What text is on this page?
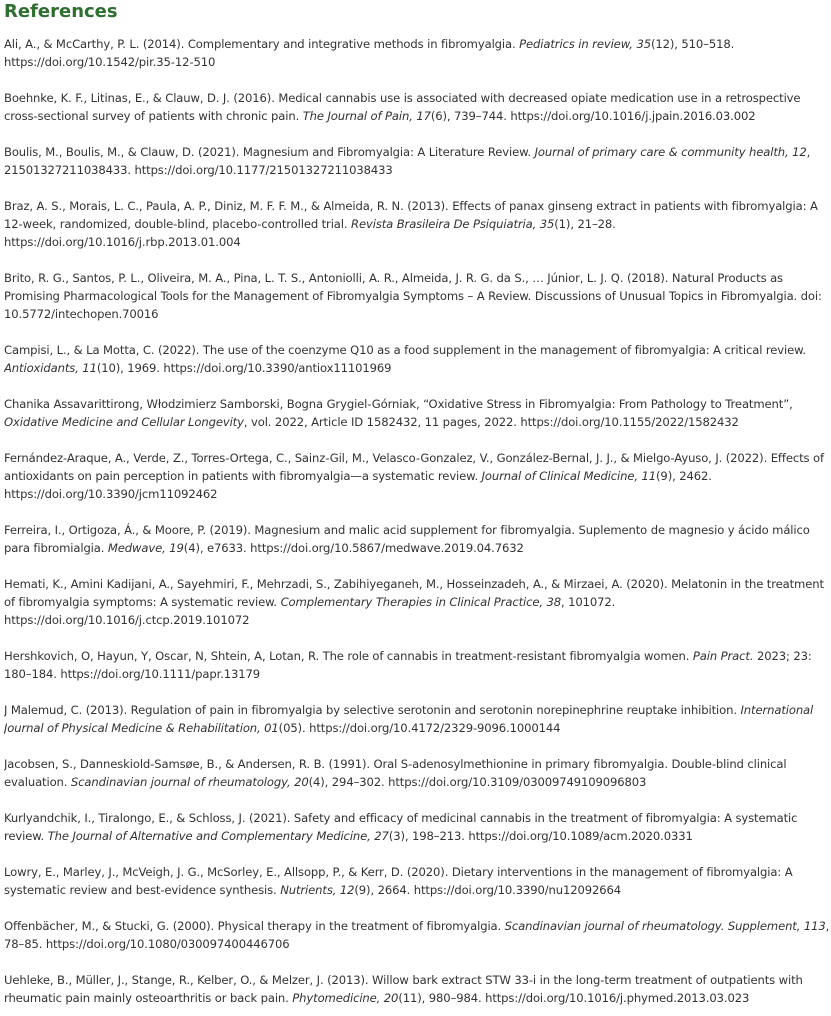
References
Ali, A., & McCarthy, P. L. (2014). Complementary and integrative methods in fibromyalgia. Pediatrics in review, 35(12), 510–518. https://doi.org/10.1542/pir.35-12-510
Boehnke, K. F., Litinas, E., & Clauw, D. J. (2016). Medical cannabis use is associated with decreased opiate medication use in a retrospective cross-sectional survey of patients with chronic pain. The Journal of Pain, 17(6), 739–744. https://doi.org/10.1016/j.jpain.2016.03.002
Boulis, M., Boulis, M., & Clauw, D. (2021). Magnesium and Fibromyalgia: A Literature Review. Journal of primary care & community health, 12, 21501327211038433. https://doi.org/10.1177/21501327211038433
Braz, A. S., Morais, L. C., Paula, A. P., Diniz, M. F. F. M., & Almeida, R. N. (2013). Effects of panax ginseng extract in patients with fibromyalgia: A 12-week, randomized, double-blind, placebo-controlled trial. Revista Brasileira De Psiquiatria, 35(1), 21–28. https://doi.org/10.1016/j.rbp.2013.01.004
Brito, R. G., Santos, P. L., Oliveira, M. A., Pina, L. T. S., Antoniolli, A. R., Almeida, J. R. G. da S., … Júnior, L. J. Q. (2018). Natural Products as Promising Pharmacological Tools for the Management of Fibromyalgia Symptoms – A Review. Discussions of Unusual Topics in Fibromyalgia. doi: 10.5772/intechopen.70016
Campisi, L., & La Motta, C. (2022). The use of the coenzyme Q10 as a food supplement in the management of fibromyalgia: A critical review. Antioxidants, 11(10), 1969. https://doi.org/10.3390/antiox11101969
Chanika Assavarittirong, Włodzimierz Samborski, Bogna Grygiel-Górniak, “Oxidative Stress in Fibromyalgia: From Pathology to Treatment”, Oxidative Medicine and Cellular Longevity, vol. 2022, Article ID 1582432, 11 pages, 2022. https://doi.org/10.1155/2022/1582432
Fernández-Araque, A., Verde, Z., Torres-Ortega, C., Sainz-Gil, M., Velasco-Gonzalez, V., González-Bernal, J. J., & Mielgo-Ayuso, J. (2022). Effects of antioxidants on pain perception in patients with fibromyalgia—a systematic review. Journal of Clinical Medicine, 11(9), 2462. https://doi.org/10.3390/jcm11092462
Ferreira, I., Ortigoza, Á., & Moore, P. (2019). Magnesium and malic acid supplement for fibromyalgia. Suplemento de magnesio y ácido málico para fibromialgia. Medwave, 19(4), e7633. https://doi.org/10.5867/medwave.2019.04.7632
Hemati, K., Amini Kadijani, A., Sayehmiri, F., Mehrzadi, S., Zabihiyeganeh, M., Hosseinzadeh, A., & Mirzaei, A. (2020). Melatonin in the treatment of fibromyalgia symptoms: A systematic review. Complementary Therapies in Clinical Practice, 38, 101072. https://doi.org/10.1016/j.ctcp.2019.101072
Hershkovich, O, Hayun, Y, Oscar, N, Shtein, A, Lotan, R. The role of cannabis in treatment-resistant fibromyalgia women. Pain Pract. 2023; 23: 180–184. https://doi.org/10.1111/papr.13179
J Malemud, C. (2013). Regulation of pain in fibromyalgia by selective serotonin and serotonin norepinephrine reuptake inhibition. International Journal of Physical Medicine & Rehabilitation, 01(05). https://doi.org/10.4172/2329-9096.1000144
Jacobsen, S., Danneskiold-Samsøe, B., & Andersen, R. B. (1991). Oral S-adenosylmethionine in primary fibromyalgia. Double-blind clinical evaluation. Scandinavian journal of rheumatology, 20(4), 294–302. https://doi.org/10.3109/03009749109096803
Kurlyandchik, I., Tiralongo, E., & Schloss, J. (2021). Safety and efficacy of medicinal cannabis in the treatment of fibromyalgia: A systematic review. The Journal of Alternative and Complementary Medicine, 27(3), 198–213. https://doi.org/10.1089/acm.2020.0331
Lowry, E., Marley, J., McVeigh, J. G., McSorley, E., Allsopp, P., & Kerr, D. (2020). Dietary interventions in the management of fibromyalgia: A systematic review and best-evidence synthesis. Nutrients, 12(9), 2664. https://doi.org/10.3390/nu12092664
Offenbächer, M., & Stucki, G. (2000). Physical therapy in the treatment of fibromyalgia. Scandinavian journal of rheumatology. Supplement, 113, 78–85. https://doi.org/10.1080/030097400446706
Uehleke, B., Müller, J., Stange, R., Kelber, O., & Melzer, J. (2013). Willow bark extract STW 33-i in the long-term treatment of outpatients with rheumatic pain mainly osteoarthritis or back pain. Phytomedicine, 20(11), 980–984. https://doi.org/10.1016/j.phymed.2013.03.023
